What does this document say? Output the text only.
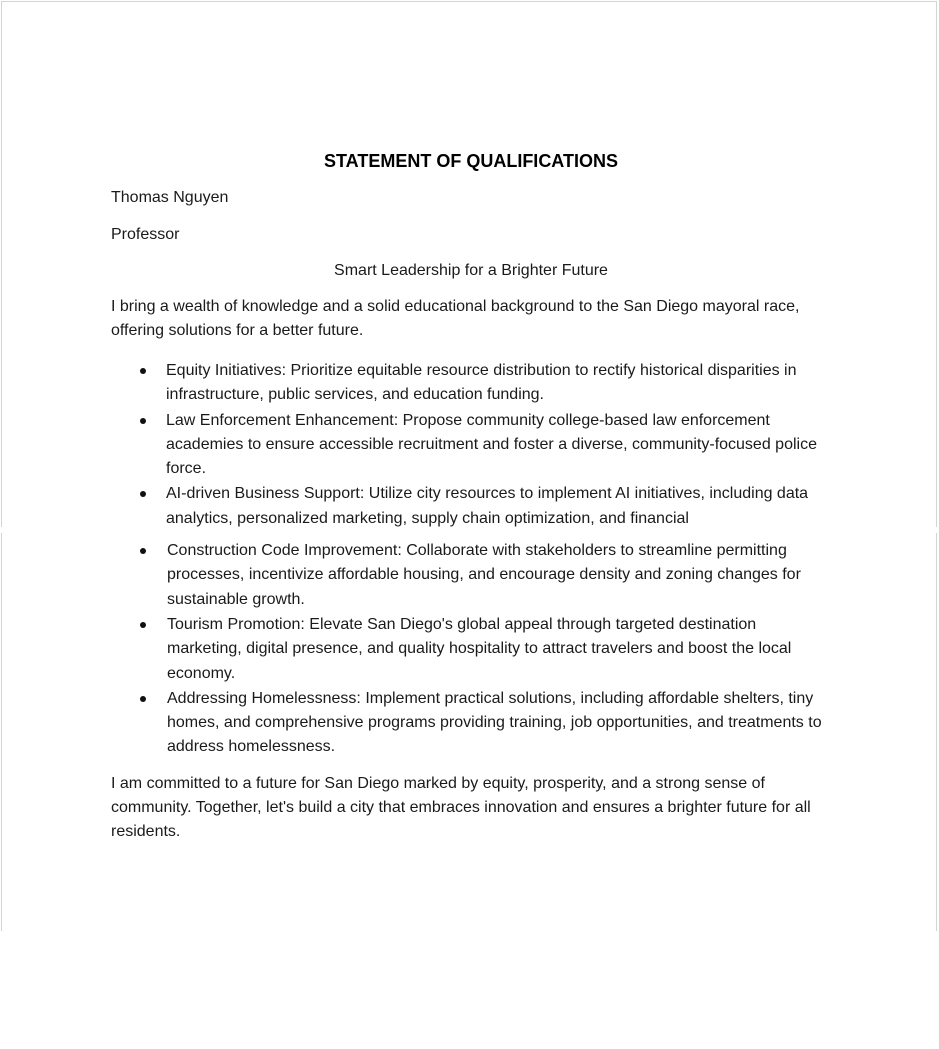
STATEMENT OF QUALIFICATIONS

Thomas Nguyen

Professor

Smart Leadership for a Brighter Future

I bring a wealth of knowledge and a solid educational background to the San Diego mayoral race, offering solutions for a better future.

Equity Initiatives: Prioritize equitable resource distribution to rectify historical disparities in infrastructure, public services, and education funding.
Law Enforcement Enhancement: Propose community college-based law enforcement academies to ensure accessible recruitment and foster a diverse, community-focused police force.
AI-driven Business Support: Utilize city resources to implement AI initiatives, including data analytics, personalized marketing, supply chain optimization, and financial
Construction Code Improvement: Collaborate with stakeholders to streamline permitting processes, incentivize affordable housing, and encourage density and zoning changes for sustainable growth.
Tourism Promotion: Elevate San Diego's global appeal through targeted destination marketing, digital presence, and quality hospitality to attract travelers and boost the local economy.
Addressing Homelessness: Implement practical solutions, including affordable shelters, tiny homes, and comprehensive programs providing training, job opportunities, and treatments to address homelessness.

I am committed to a future for San Diego marked by equity, prosperity, and a strong sense of community. Together, let's build a city that embraces innovation and ensures a brighter future for all residents.
